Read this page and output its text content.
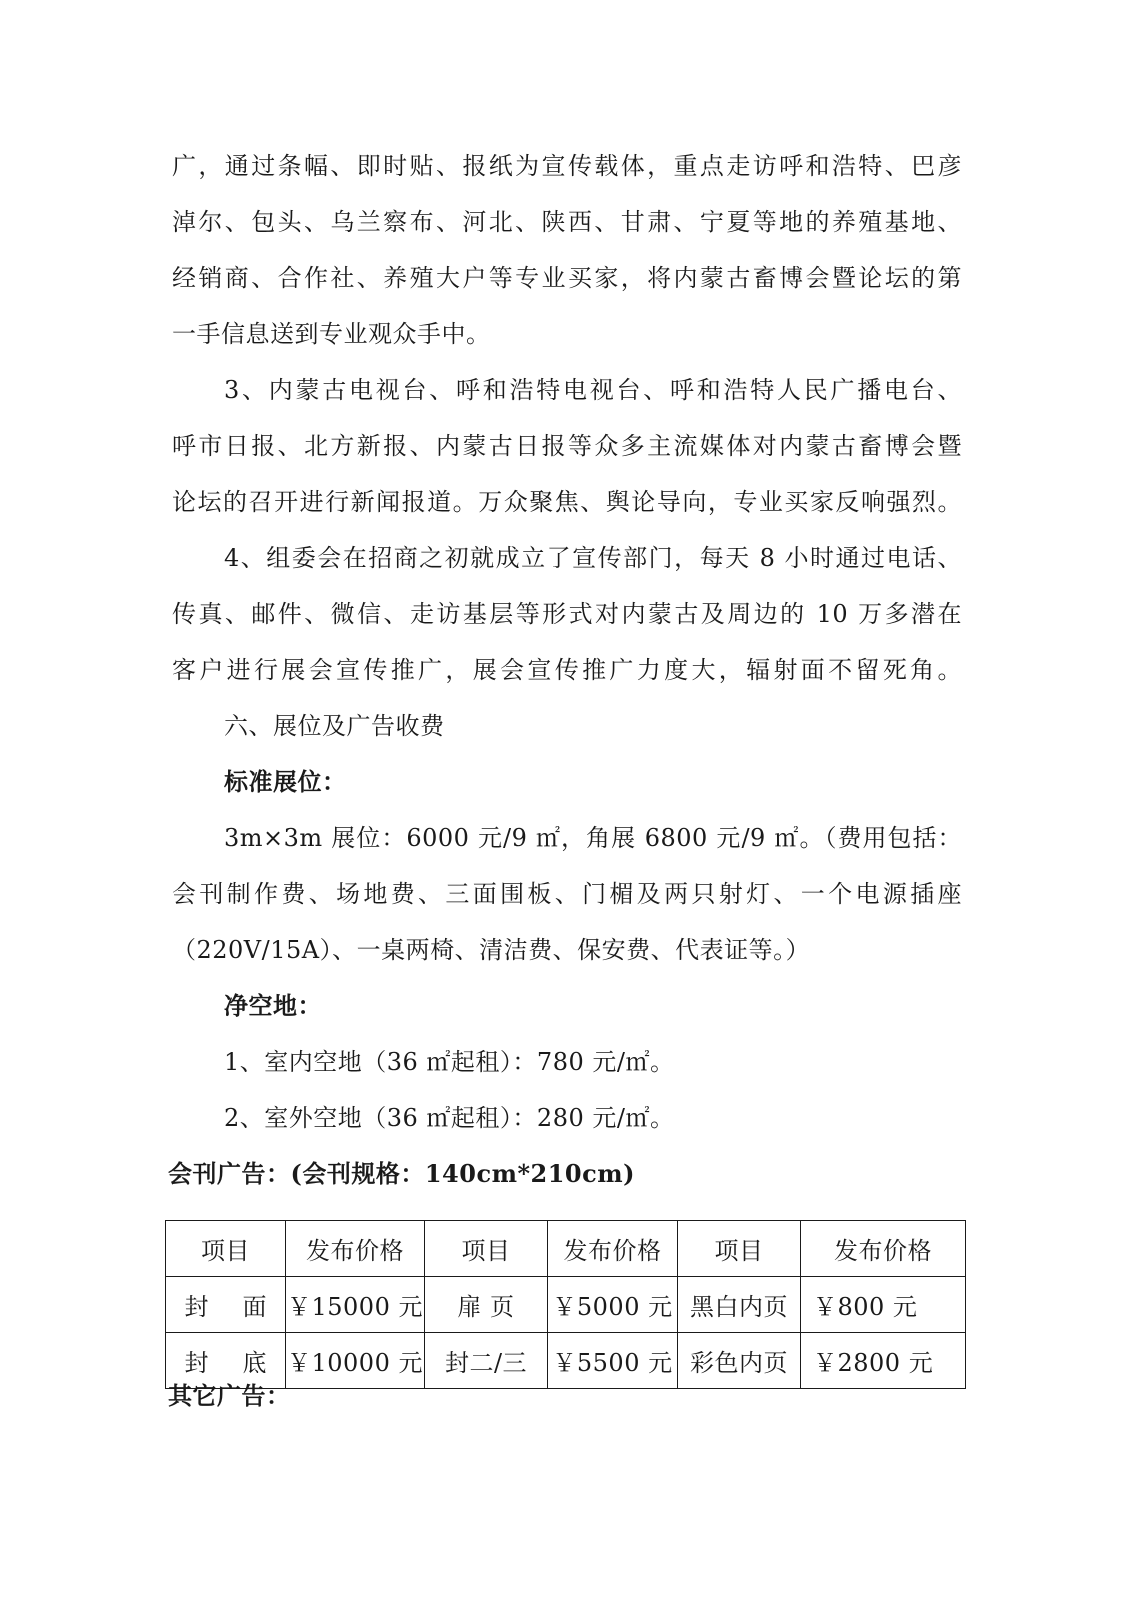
广，通过条幅、即时贴、报纸为宣传载体，重点走访呼和浩特、巴彦
淖尔、包头、乌兰察布、河北、陕西、甘肃、宁夏等地的养殖基地、
经销商、合作社、养殖大户等专业买家，将内蒙古畜博会暨论坛的第
一手信息送到专业观众手中。
3、内蒙古电视台、呼和浩特电视台、呼和浩特人民广播电台、
呼市日报、北方新报、内蒙古日报等众多主流媒体对内蒙古畜博会暨
论坛的召开进行新闻报道。万众聚焦、舆论导向，专业买家反响强烈。
4、组委会在招商之初就成立了宣传部门，每天 8 小时通过电话、
传真、邮件、微信、走访基层等形式对内蒙古及周边的 10 万多潜在
客户进行展会宣传推广，展会宣传推广力度大，辐射面不留死角。
六、展位及广告收费
标准展位：
3m×3m 展位：6000 元/9 ㎡，角展 6800 元/9 ㎡。（费用包括：
会刊制作费、场地费、三面围板、门楣及两只射灯、一个电源插座
（220V/15A）、一桌两椅、清洁费、保安费、代表证等。）
净空地：
1、室内空地（36 ㎡起租）：780 元/㎡。
2、室外空地（36 ㎡起租）：280 元/㎡。
会刊广告：(会刊规格：140cm*210cm)
项目	发布价格	项目	发布价格	项目	发布价格
封面	￥15000 元	扉 页	￥5000 元	黑白内页	￥800 元
封底	￥10000 元	封二/三	￥5500 元	彩色内页	￥2800 元
其它广告：
